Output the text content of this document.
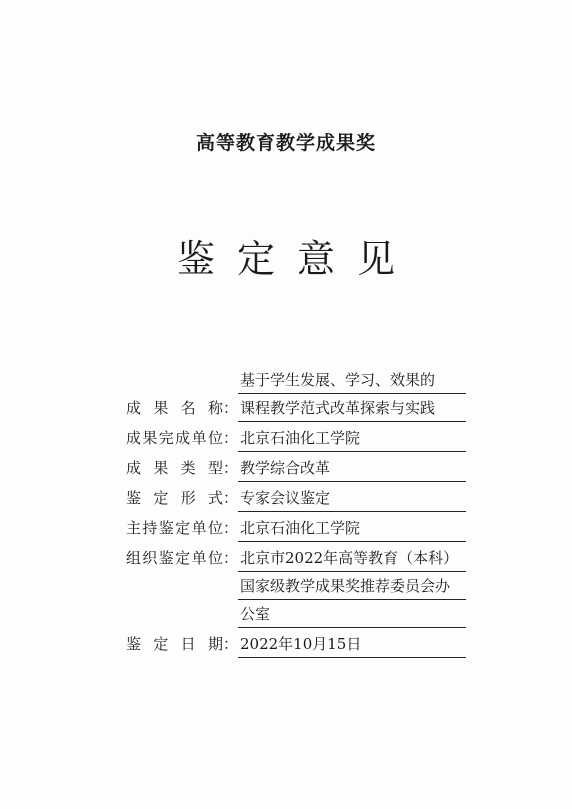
高等教育教学成果奖
鉴定意见
成 果 名 称 ：
基于学生发展、学习、效果的
课程教学范式改革探索与实践
成 果 完 成 单 位 ： 北京石油化工学院
成 果 类 型 ： 教学综合改革
鉴 定 形 式 ： 专家会议鉴定
主 持 鉴 定 单 位 ： 北京石油化工学院
组 织 鉴 定 单 位 ： 北京市2022年高等教育（本科）
国家级教学成果奖推荐委员会办
公室
鉴 定 日 期 ： 2022年10月15日
